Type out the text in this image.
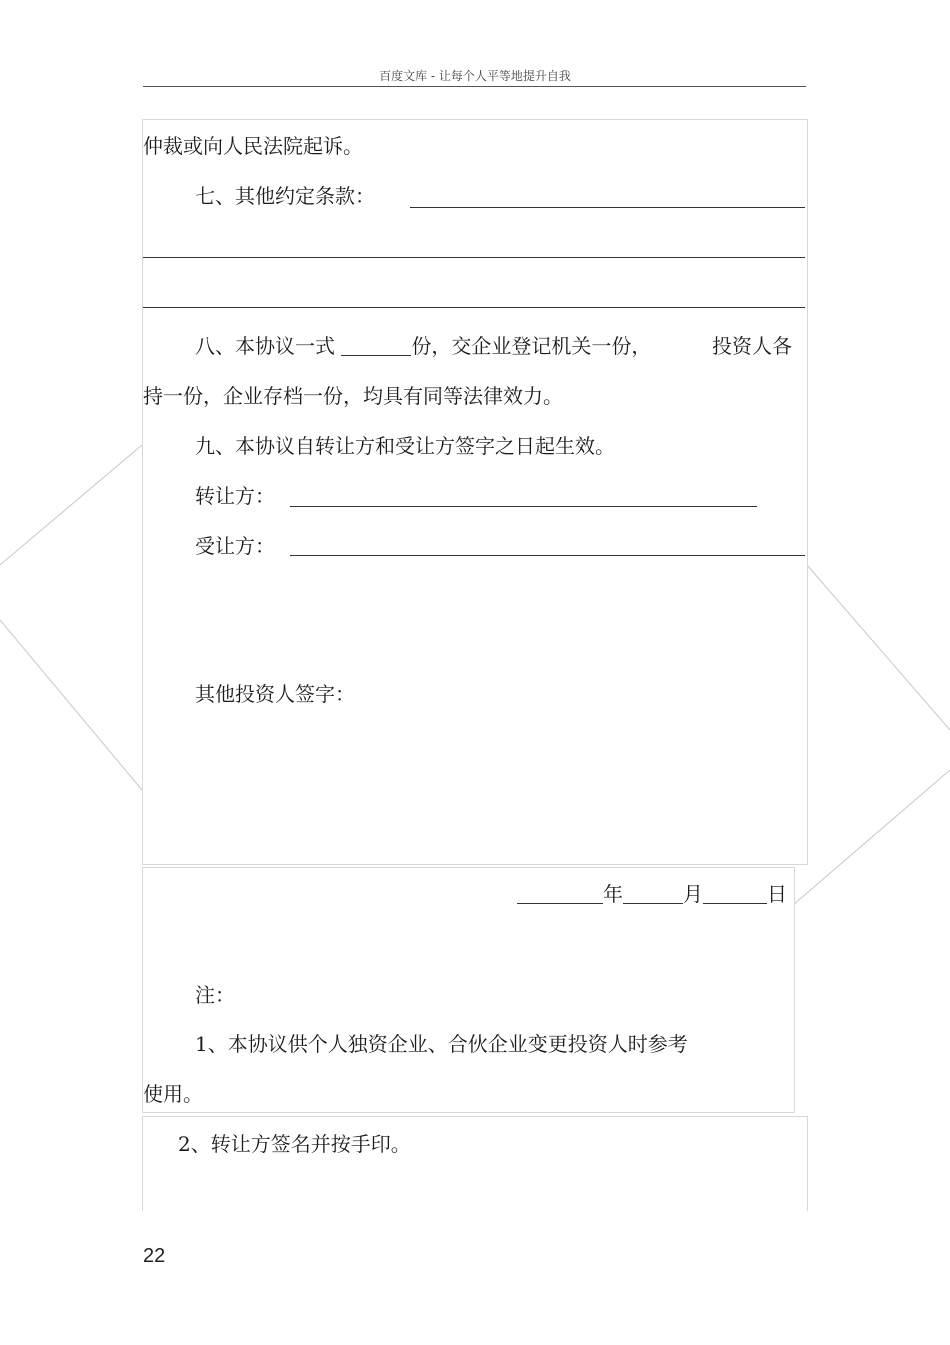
百度文库 - 让每个人平等地提升自我
仲裁或向人民法院起诉。
七、其他约定条款：
八、本协议一式	份，交企业登记机关一份，	投资人各
持一份，企业存档一份，均具有同等法律效力。
九、本协议自转让方和受让方签字之日起生效。
转让方：
受让方：
其他投资人签字：
年	月	日
注：
1、本协议供个人独资企业、合伙企业变更投资人时参考
使用。
2、转让方签名并按手印。
22
